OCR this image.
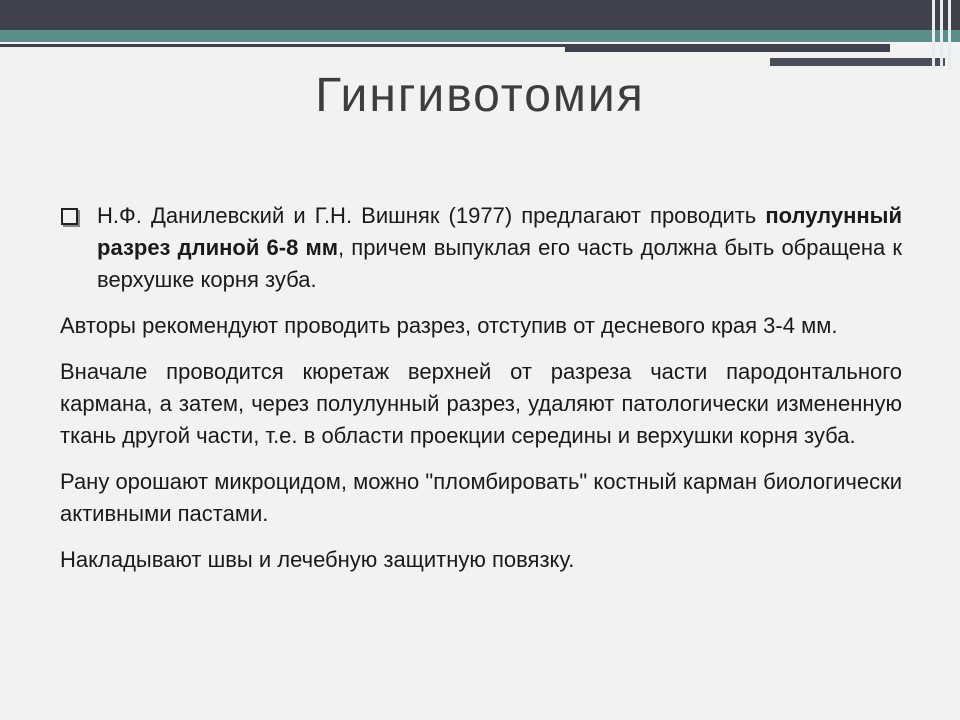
Гингивотомия
Н.Ф. Данилевский и Г.Н. Вишняк (1977) предлагают проводить полулунный разрез длиной 6-8 мм, причем выпуклая его часть должна быть обращена к верхушке корня зуба.

Авторы рекомендуют проводить разрез, отступив от десневого края 3-4 мм.

Вначале проводится кюретаж верхней от разреза части пародонтального кармана, а затем, через полулунный разрез, удаляют патологически измененную ткань другой части, т.е. в области проекции середины и верхушки корня зуба.

Рану орошают микроцидом, можно "пломбировать" костный карман биологически активными пастами.

Накладывают швы и лечебную защитную повязку.
